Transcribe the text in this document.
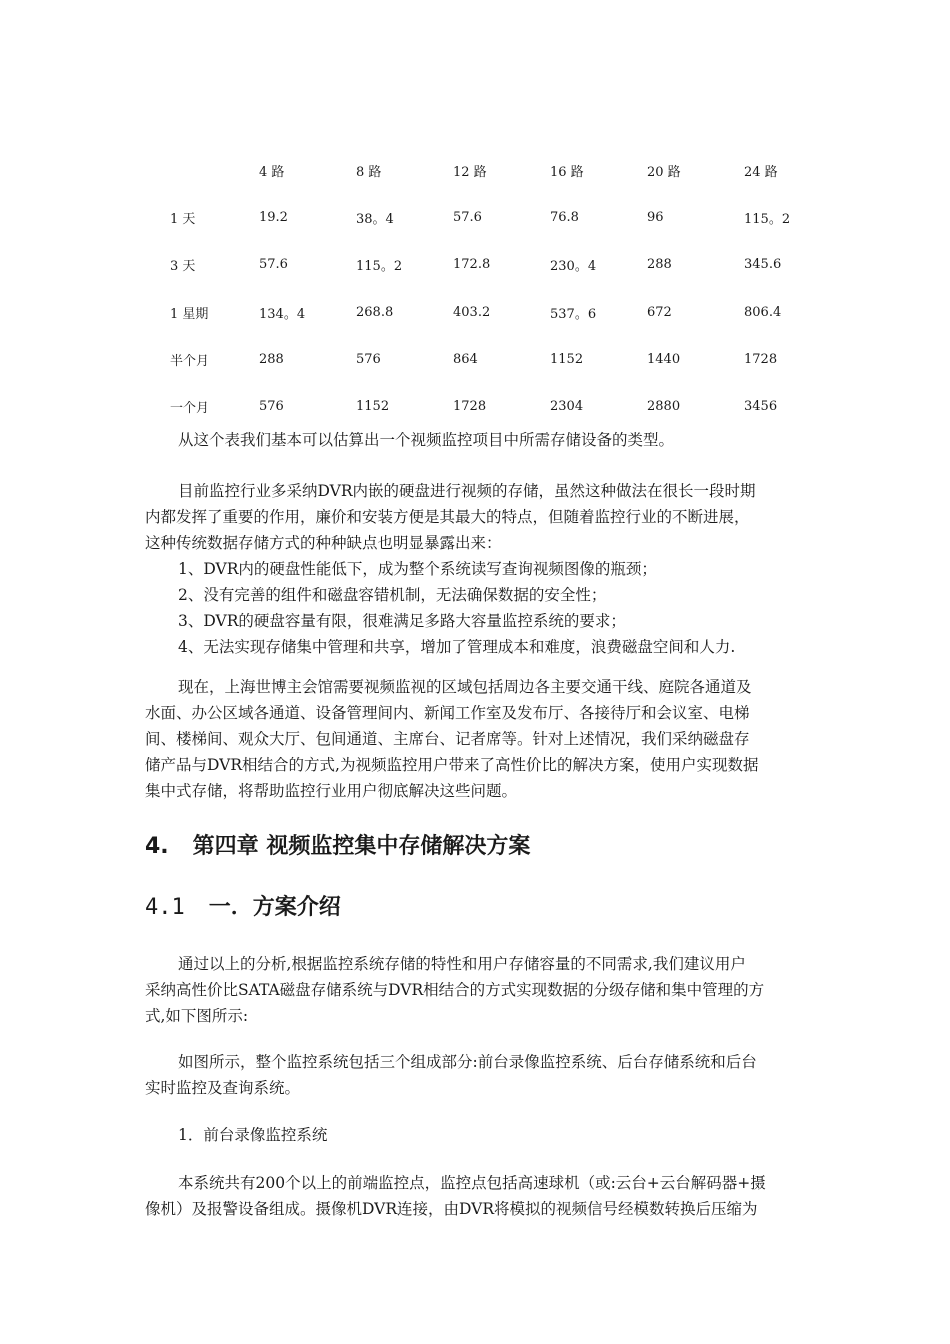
	4 路	8 路	12 路	16 路	20 路	24 路
1 天	19.2	38。4	57.6	76.8	96	115。2
3 天	57.6	115。2	172.8	230。4	288	345.6
1 星期	134。4	268.8	403.2	537。6	672	806.4
半个月	288	576	864	1152	1440	1728
一个月	576	1152	1728	2304	2880	3456

从这个表我们基本可以估算出一个视频监控项目中所需存储设备的类型。

目前监控行业多采纳DVR内嵌的硬盘进行视频的存储，虽然这种做法在很长一段时期
内都发挥了重要的作用，廉价和安装方便是其最大的特点，但随着监控行业的不断进展，
这种传统数据存储方式的种种缺点也明显暴露出来：
1、DVR内的硬盘性能低下，成为整个系统读写查询视频图像的瓶颈；
2、没有完善的组件和磁盘容错机制，无法确保数据的安全性；
3、DVR的硬盘容量有限，很难满足多路大容量监控系统的要求；
4、无法实现存储集中管理和共享，增加了管理成本和难度，浪费磁盘空间和人力.

现在，上海世博主会馆需要视频监视的区域包括周边各主要交通干线、庭院各通道及
水面、办公区域各通道、设备管理间内、新闻工作室及发布厅、各接待厅和会议室、电梯
间、楼梯间、观众大厅、包间通道、主席台、记者席等。针对上述情况，我们采纳磁盘存
储产品与DVR相结合的方式,为视频监控用户带来了高性价比的解决方案，使用户实现数据
集中式存储，将帮助监控行业用户彻底解决这些问题。

4. 第四章 视频监控集中存储解决方案
4.1 一．方案介绍

通过以上的分析,根据监控系统存储的特性和用户存储容量的不同需求,我们建议用户
采纳高性价比SATA磁盘存储系统与DVR相结合的方式实现数据的分级存储和集中管理的方
式,如下图所示:

如图所示，整个监控系统包括三个组成部分:前台录像监控系统、后台存储系统和后台
实时监控及查询系统。

1．前台录像监控系统

本系统共有200个以上的前端监控点，监控点包括高速球机（或:云台+云台解码器+摄
像机）及报警设备组成。摄像机DVR连接，由DVR将模拟的视频信号经模数转换后压缩为
